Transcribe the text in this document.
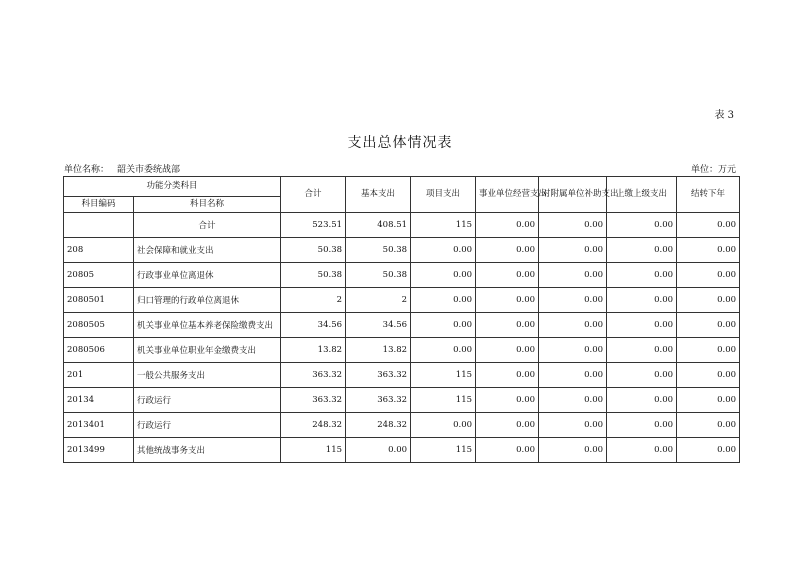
表 3
支出总体情况表
单位名称： 韶关市委统战部	单位：万元
功能分类科目		合计	基本支出	项目支出	事业单位经营支出	对附属单位补助支出	上缴上级支出	结转下年
科目编码	科目名称							
	合计	523.51	408.51	115	0.00	0.00	0.00	0.00
208	社会保障和就业支出	50.38	50.38	0.00	0.00	0.00	0.00	0.00
20805	行政事业单位离退休	50.38	50.38	0.00	0.00	0.00	0.00	0.00
2080501	归口管理的行政单位离退休	2	2	0.00	0.00	0.00	0.00	0.00
2080505	机关事业单位基本养老保险缴费支出	34.56	34.56	0.00	0.00	0.00	0.00	0.00
2080506	机关事业单位职业年金缴费支出	13.82	13.82	0.00	0.00	0.00	0.00	0.00
201	一般公共服务支出	363.32	363.32	115	0.00	0.00	0.00	0.00
20134	行政运行	363.32	363.32	115	0.00	0.00	0.00	0.00
2013401	行政运行	248.32	248.32	0.00	0.00	0.00	0.00	0.00
2013499	其他统战事务支出	115	0.00	115	0.00	0.00	0.00	0.00
